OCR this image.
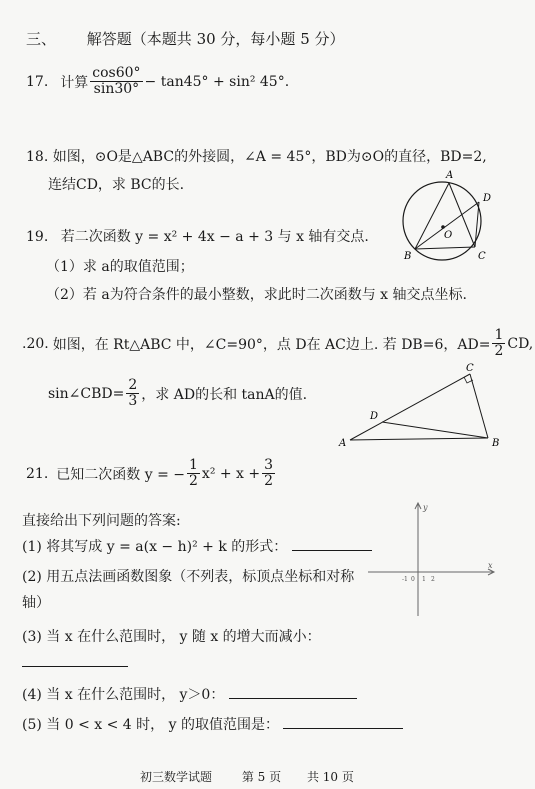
三、 解答题（本题共 30 分，每小题 5 分）
17. 计算 $\frac{\cos 60^\circ}{\sin 30^\circ} - \tan 45^\circ + \sin^2$ 45°.
18. 如图，⊙O是△ABC的外接圆，∠A = 45°，BD为⊙O的直径，BD=2,
连结CD，求 BC的长.
A
B	C
D
O
19. 若二次函数 y = x² + 4x − a + 3 与 x 轴有交点.
（1）求 a的取值范围；
（2）若 a为符合条件的最小整数，求此时二次函数与 x 轴交点坐标.
.20. 如图，在 Rt△ABC 中，∠C=90°，点 D在 AC边上. 若 DB=6，$AD= \frac{1}{2}$ CD,
sin∠CBD= $\frac{2}{3}$ ，求 AD的长和 tanA的值.
A	B
C
D
21. 已知二次函数 y = − $\frac{1}{2} x^2 + x + \frac{3}{2}$
直接给出下列问题的答案:
(1) 将其写成 y = a(x − h)² + k 的形式：
(2) 用五点法画函数图象（不列表，标顶点坐标和对称
轴）
y
x
-1 0 1 2
(3) 当 x 在什么范围时， y 随 x 的增大而减小：
(4) 当 x 在什么范围时， y＞0：
(5) 当 0 < x < 4 时， y 的取值范围是：
初三数学试题 第 5 页 共 10 页
